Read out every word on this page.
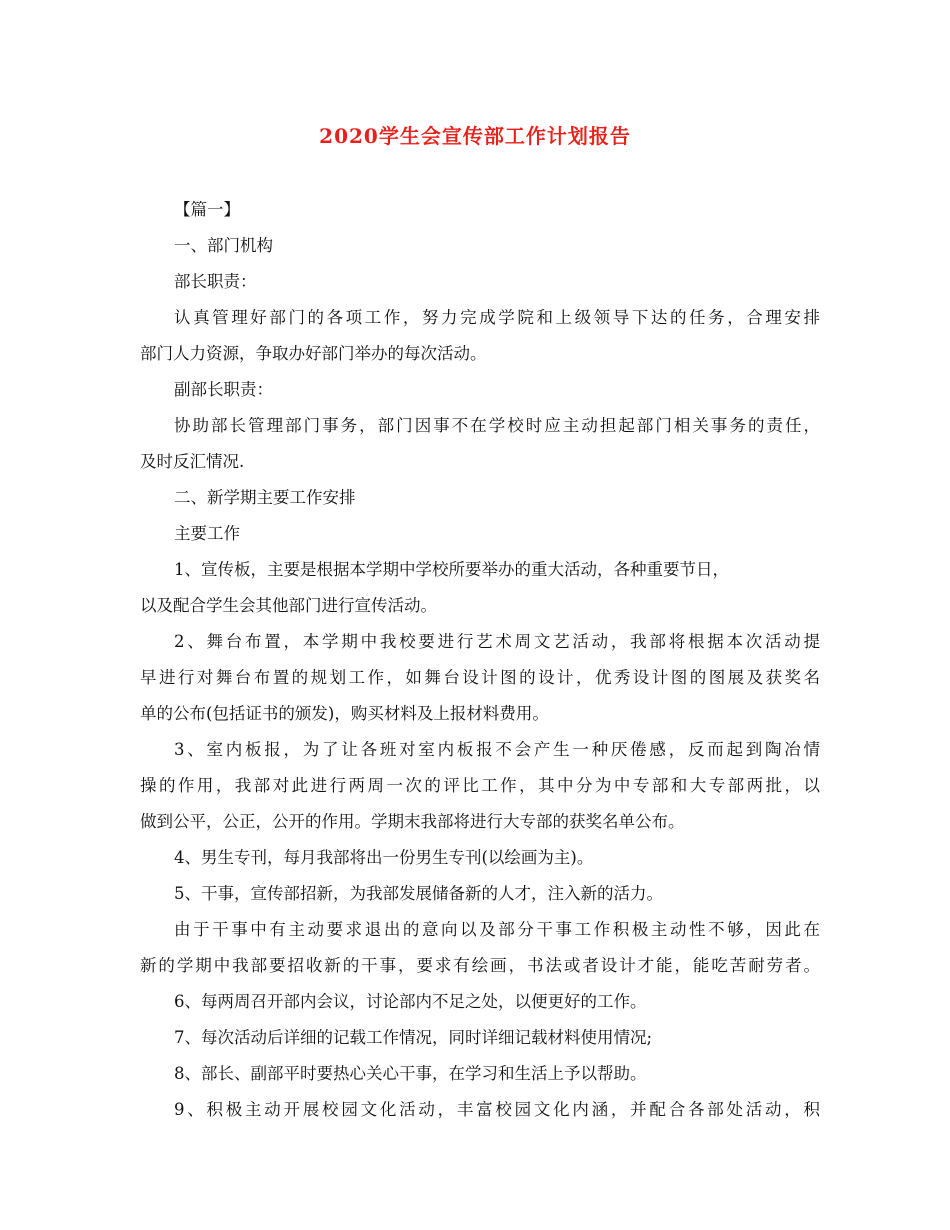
2020学生会宣传部工作计划报告
【篇一】
一、部门机构
部长职责：
认真管理好部门的各项工作，努力完成学院和上级领导下达的任务，合理安排
部门人力资源，争取办好部门举办的每次活动。
副部长职责：
协助部长管理部门事务，部门因事不在学校时应主动担起部门相关事务的责任，
及时反汇情况.
二、新学期主要工作安排
主要工作
1、宣传板，主要是根据本学期中学校所要举办的重大活动，各种重要节日，
以及配合学生会其他部门进行宣传活动。
2、舞台布置，本学期中我校要进行艺术周文艺活动，我部将根据本次活动提
早进行对舞台布置的规划工作，如舞台设计图的设计，优秀设计图的图展及获奖名
单的公布(包括证书的颁发)，购买材料及上报材料费用。
3、室内板报，为了让各班对室内板报不会产生一种厌倦感，反而起到陶冶情
操的作用，我部对此进行两周一次的评比工作，其中分为中专部和大专部两批，以
做到公平，公正，公开的作用。学期末我部将进行大专部的获奖名单公布。
4、男生专刊，每月我部将出一份男生专刊(以绘画为主)。
5、干事，宣传部招新，为我部发展储备新的人才，注入新的活力。
由于干事中有主动要求退出的意向以及部分干事工作积极主动性不够，因此在
新的学期中我部要招收新的干事，要求有绘画，书法或者设计才能，能吃苦耐劳者。
6、每两周召开部内会议，讨论部内不足之处，以便更好的工作。
7、每次活动后详细的记载工作情况，同时详细记载材料使用情况;
8、部长、副部平时要热心关心干事，在学习和生活上予以帮助。
9、积极主动开展校园文化活动，丰富校园文化内涵，并配合各部处活动，积
